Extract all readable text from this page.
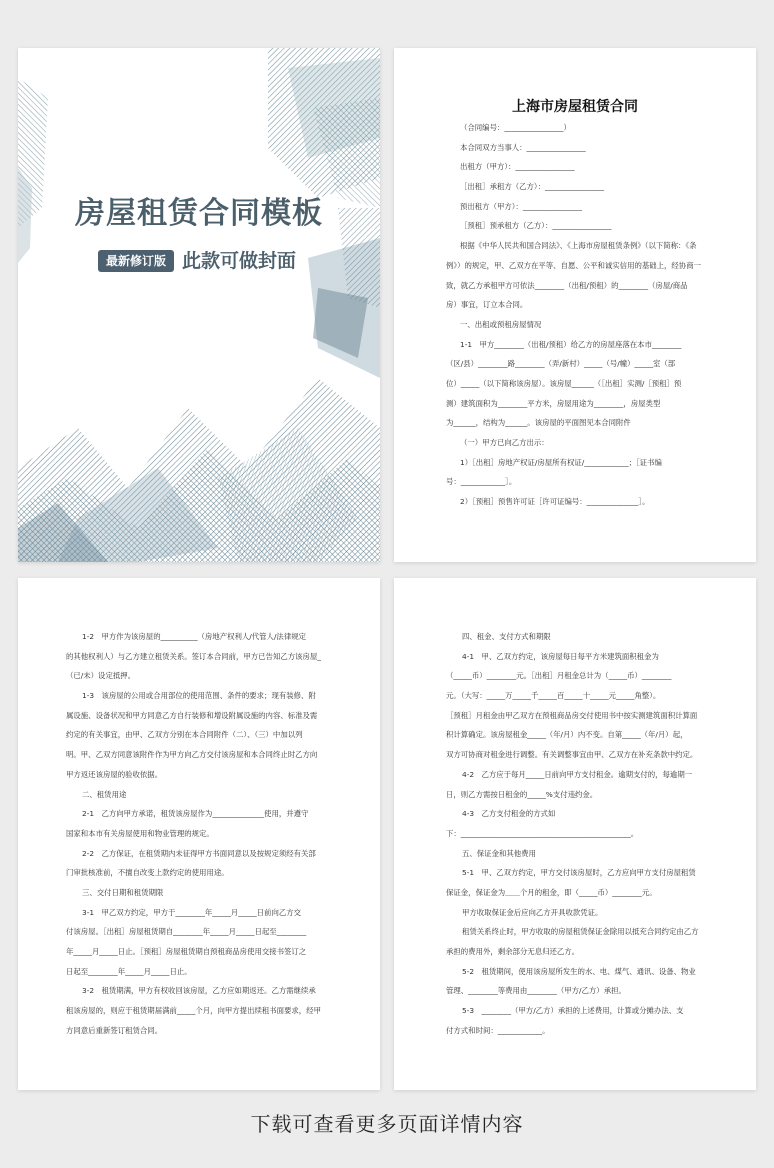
房屋租赁合同模板
最新修订版 此款可做封面
上海市房屋租赁合同
（合同编号：________________）
本合同双方当事人：________________
出租方（甲方）：________________
［出租］承租方（乙方）：________________
预出租方（甲方）：________________
［预租］预承租方（乙方）：________________
根据《中华人民共和国合同法》、《上海市房屋租赁条例》（以下简称：《条
例》）的规定，甲、乙双方在平等、自愿、公平和诚实信用的基础上，经协商一
致，就乙方承租甲方可依法________（出租/预租）的________（房屋/商品
房）事宜，订立本合同。
一、出租或预租房屋情况
1-1　甲方________（出租/预租）给乙方的房屋座落在本市________
（区/县）________路________（弄/新村）_____（号/幢）_____室（部
位）_____（以下简称该房屋）。该房屋______（［出租］实测/［预租］预
测）建筑面积为________平方米，房屋用途为________，房屋类型
为______，结构为______。该房屋的平面图见本合同附件
（一）甲方已向乙方出示：
1）［出租］房地产权证/房屋所有权证/____________；［证书编
号：____________］。
2）［预租］预售许可证［许可证编号：______________］。
1-2　甲方作为该房屋的__________（房地产权利人/代管人/法律规定
的其他权利人）与乙方建立租赁关系。签订本合同前，甲方已告知乙方该房屋_
（已/未）设定抵押。
1-3　该房屋的公用或合用部位的使用范围、条件的要求；现有装修、附
属设施、设备状况和甲方同意乙方自行装修和增设附属设施的内容、标准及需
约定的有关事宜，由甲、乙双方分别在本合同附件（二）、（三）中加以列
明。甲、乙双方同意该附件作为甲方向乙方交付该房屋和本合同终止时乙方向
甲方返还该房屋的验收依据。
二、租赁用途
2-1　乙方向甲方承诺，租赁该房屋作为______________使用，并遵守
国家和本市有关房屋使用和物业管理的规定。
2-2　乙方保证，在租赁期内未征得甲方书面同意以及按规定须经有关部
门审批核准前，不擅自改变上款约定的使用用途。
三、交付日期和租赁期限
3-1　甲乙双方约定，甲方于________年_____月_____日前向乙方交
付该房屋。［出租］房屋租赁期自________年_____月_____日起至________
年_____月_____日止。［预租］房屋租赁期自预租商品房使用交接书签订之
日起至________年_____月_____日止。
3-2　租赁期满，甲方有权收回该房屋，乙方应如期返还。乙方需继续承
租该房屋的，则应于租赁期届满前_____个月，向甲方提出续租书面要求，经甲
方同意后重新签订租赁合同。
四、租金、支付方式和期限
4-1　甲、乙双方约定，该房屋每日每平方米建筑面积租金为
（_____币）________元。［出租］月租金总计为（_____币）________
元。（大写：_____万_____千_____百_____十_____元_____角整）。
［预租］月租金由甲乙双方在预租商品房交付使用书中按实测建筑面积计算面
积计算确定。该房屋租金_____（年/月）内不变。自第_____（年/月）起，
双方可协商对租金进行调整。有关调整事宜由甲、乙双方在补充条款中约定。
4-2　乙方应于每月_____日前向甲方支付租金。逾期支付的，每逾期一
日，则乙方需按日租金的_____%支付违约金。
4-3　乙方支付租金的方式如
下：______________________________________________。
五、保证金和其他费用
5-1　甲、乙双方约定，甲方交付该房屋时，乙方应向甲方支付房屋租赁
保证金，保证金为＿＿个月的租金，即（_____币）________元。
甲方收取保证金后应向乙方开具收款凭证。
租赁关系终止时，甲方收取的房屋租赁保证金除用以抵充合同约定由乙方
承担的费用外，剩余部分无息归还乙方。
5-2　租赁期间，使用该房屋所发生的水、电、煤气、通讯、设备、物业
管理、________等费用由________（甲方/乙方）承担。
5-3　________（甲方/乙方）承担的上述费用，计算或分摊办法、支
付方式和时间：____________。
下载可查看更多页面详情内容
